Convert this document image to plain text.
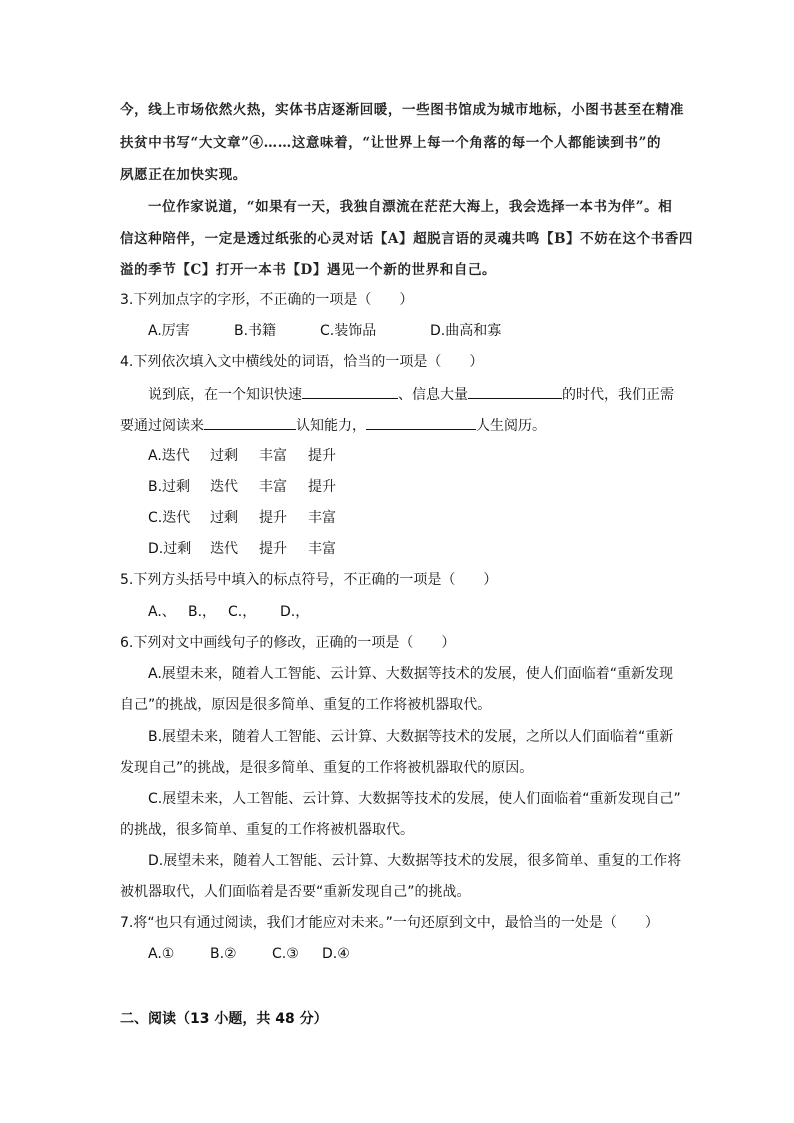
今，线上市场依然火热，实体书店逐渐回暖，一些图书馆成为城市地标，小图书甚至在精准
扶贫中书写“大文章”④……这意味着，“让世界上每一个角落的每一个人都能读到书”的
夙愿正在加快实现。
一位作家说道，“如果有一天，我独自漂流在茫茫大海上，我会选择一本书为伴”。相
信这种陪伴，一定是透过纸张的心灵对话【A】超脱言语的灵魂共鸣【B】不妨在这个书香四
溢的季节【C】打开一本书【D】遇见一个新的世界和自己。
3.下列加点字的字形，不正确的一项是（　　）
A.厉害	B.书籍	C.装饰品	D.曲高和寡
4.下列依次填入文中横线处的词语，恰当的一项是（　　）
说到底，在一个知识快速	、信息大量	的时代，我们正需
要通过阅读来	认知能力，	人生阅历。
A.迭代 过剩 丰富 提升
B.过剩 迭代 丰富 提升
C.迭代 过剩 提升 丰富
D.过剩 迭代 提升 丰富
5.下列方头括号中填入的标点符号，不正确的一项是（　　）
A.、 B.， C.， D.，
6.下列对文中画线句子的修改，正确的一项是（　　）
A.展望未来，随着人工智能、云计算、大数据等技术的发展，使人们面临着“重新发现
自己”的挑战，原因是很多简单、重复的工作将被机器取代。
B.展望未来，随着人工智能、云计算、大数据等技术的发展，之所以人们面临着“重新
发现自己”的挑战，是很多简单、重复的工作将被机器取代的原因。
C.展望未来，人工智能、云计算、大数据等技术的发展，使人们面临着“重新发现自己”
的挑战，很多简单、重复的工作将被机器取代。
D.展望未来，随着人工智能、云计算、大数据等技术的发展，很多简单、重复的工作将
被机器取代，人们面临着是否要“重新发现自己”的挑战。
7.将“也只有通过阅读，我们才能应对未来。”一句还原到文中，最恰当的一处是（　　）
A.①	B.②	C.③ D.④
二、阅读（13 小题，共 48 分）
